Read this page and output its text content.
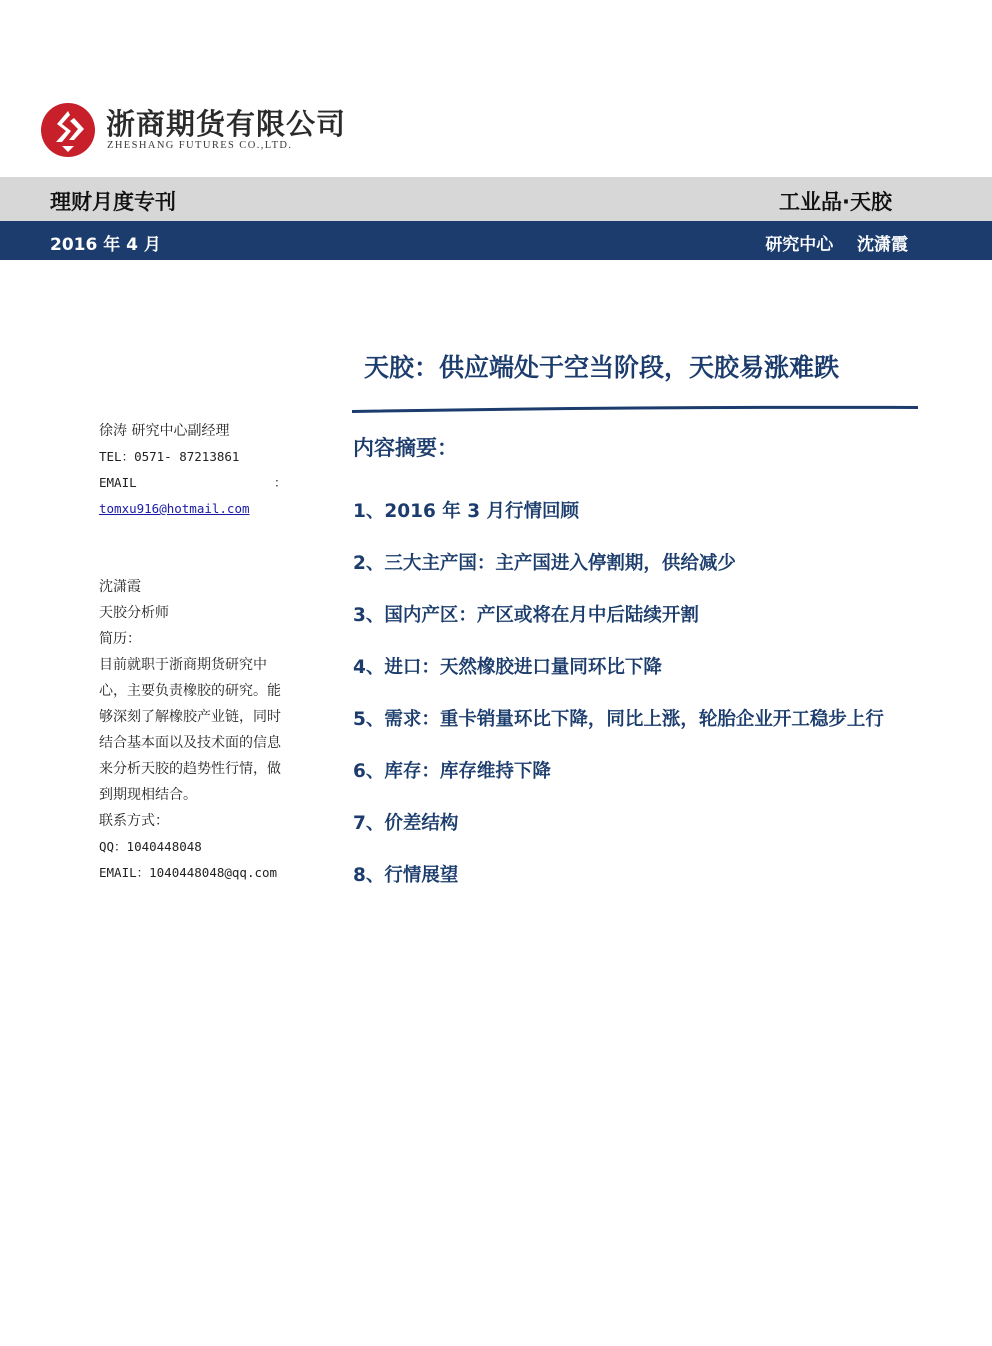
浙商期货有限公司
ZHESHANG FUTURES CO.,LTD.
理财月度专刊	工业品·天胶
2016 年 4 月	研究中心    沈潇霞
天胶：供应端处于空当阶段，天胶易涨难跌
徐涛 研究中心副经理
TEL：0571- 87213861
EMAIL	：
tomxu916@hotmail.com
沈潇霞
天胶分析师
简历：
目前就职于浙商期货研究中心，主要负责橡胶的研究。能够深刻了解橡胶产业链，同时结合基本面以及技术面的信息来分析天胶的趋势性行情，做到期现相结合。
联系方式：
QQ：1040448048
EMAIL：1040448048@qq.com
内容摘要：

1、2016 年 3 月行情回顾

2、三大主产国：主产国进入停割期，供给减少

3、国内产区：产区或将在月中后陆续开割

4、进口：天然橡胶进口量同环比下降

5、需求：重卡销量环比下降，同比上涨，轮胎企业开工稳步上行

6、库存：库存维持下降

7、价差结构

8、行情展望
